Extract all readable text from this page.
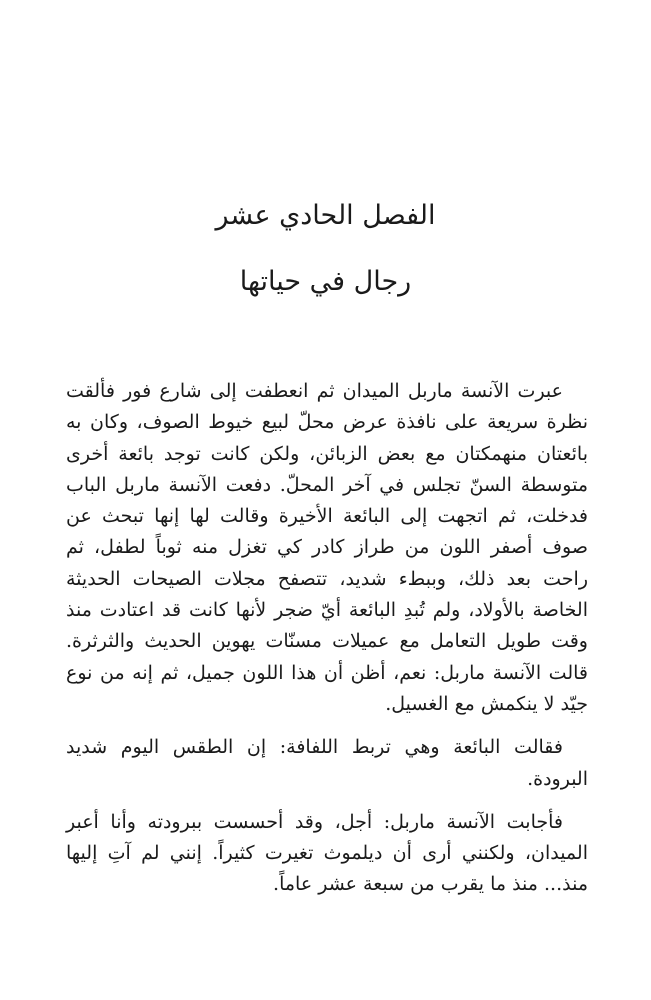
الفصل الحادي عشر
رجال في حياتها

عبرت الآنسة ماربل الميدان ثم انعطفت إلى شارع فور فألقت نظرة سريعة على نافذة عرض محلّ لبيع خيوط الصوف، وكان به بائعتان منهمكتان مع بعض الزبائن، ولكن كانت توجد بائعة أخرى متوسطة السنّ تجلس في آخر المحلّ. دفعت الآنسة ماربل الباب فدخلت، ثم اتجهت إلى البائعة الأخيرة وقالت لها إنها تبحث عن صوف أصفر اللون من طراز كادر كي تغزل منه ثوباً لطفل، ثم راحت بعد ذلك، وببطء شديد، تتصفح مجلات الصيحات الحديثة الخاصة بالأولاد، ولم تُبدِ البائعة أيّ ضجر لأنها كانت قد اعتادت منذ وقت طويل التعامل مع عميلات مسنّات يهوين الحديث والثرثرة. قالت الآنسة ماربل: نعم، أظن أن هذا اللون جميل، ثم إنه من نوع جيّد لا ينكمش مع الغسيل.

فقالت البائعة وهي تربط اللفافة: إن الطقس اليوم شديد البرودة.

فأجابت الآنسة ماربل: أجل، وقد أحسست ببرودته وأنا أعبر الميدان، ولكنني أرى أن ديلموث تغيرت كثيراً. إنني لم آتِ إليها منذ... منذ ما يقرب من سبعة عشر عاماً.
